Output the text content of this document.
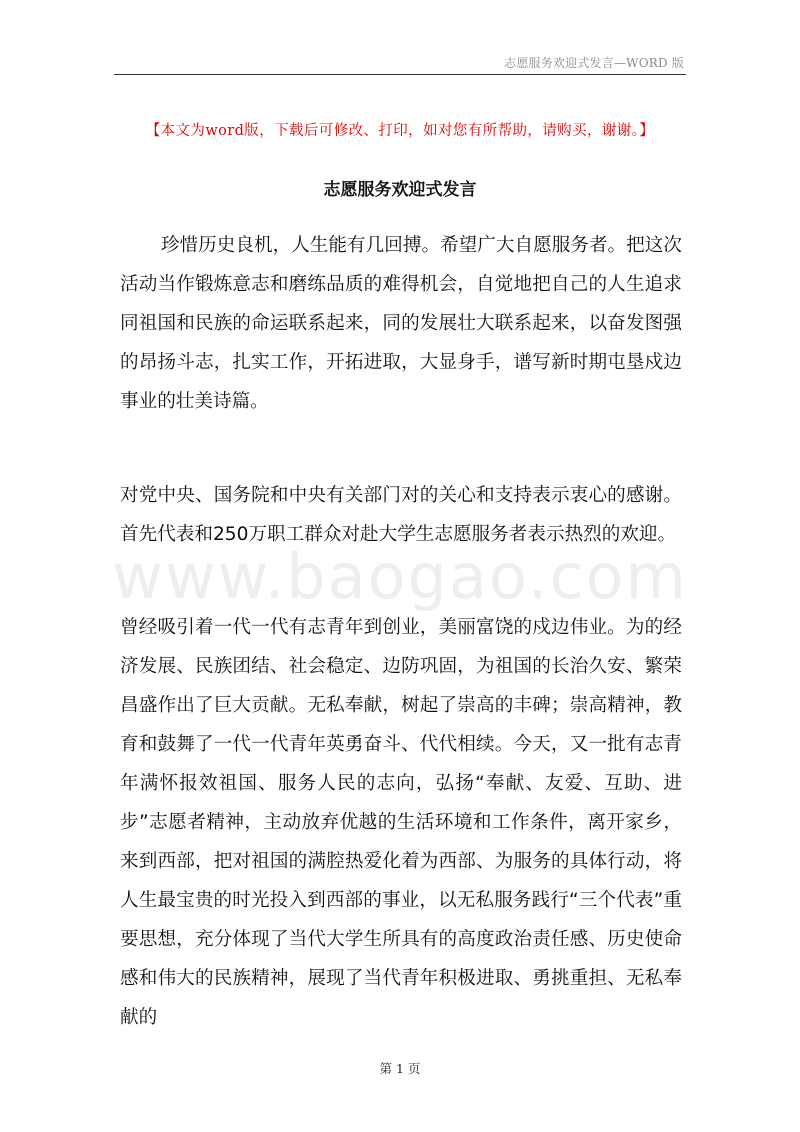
志愿服务欢迎式发言—WORD 版
【本文为word版，下载后可修改、打印，如对您有所帮助，请购买，谢谢。】
志愿服务欢迎式发言
www.baogao.com

珍惜历史良机，人生能有几回搏。希望广大自愿服务者。把这次活动当作锻炼意志和磨练品质的难得机会，自觉地把自己的人生追求同祖国和民族的命运联系起来，同的发展壮大联系起来，以奋发图强的昂扬斗志，扎实工作，开拓进取，大显身手，谱写新时期屯垦戍边事业的壮美诗篇。

对党中央、国务院和中央有关部门对的关心和支持表示衷心的感谢。首先代表和250万职工群众对赴大学生志愿服务者表示热烈的欢迎。

曾经吸引着一代一代有志青年到创业，美丽富饶的戍边伟业。为的经济发展、民族团结、社会稳定、边防巩固，为祖国的长治久安、繁荣昌盛作出了巨大贡献。无私奉献，树起了崇高的丰碑；崇高精神，教育和鼓舞了一代一代青年英勇奋斗、代代相续。今天，又一批有志青年满怀报效祖国、服务人民的志向，弘扬“奉献、友爱、互助、进步”志愿者精神，主动放弃优越的生活环境和工作条件，离开家乡，来到西部，把对祖国的满腔热爱化着为西部、为服务的具体行动，将人生最宝贵的时光投入到西部的事业，以无私服务践行“三个代表”重要思想，充分体现了当代大学生所具有的高度政治责任感、历史使命感和伟大的民族精神，展现了当代青年积极进取、勇挑重担、无私奉献的

第 1 页
